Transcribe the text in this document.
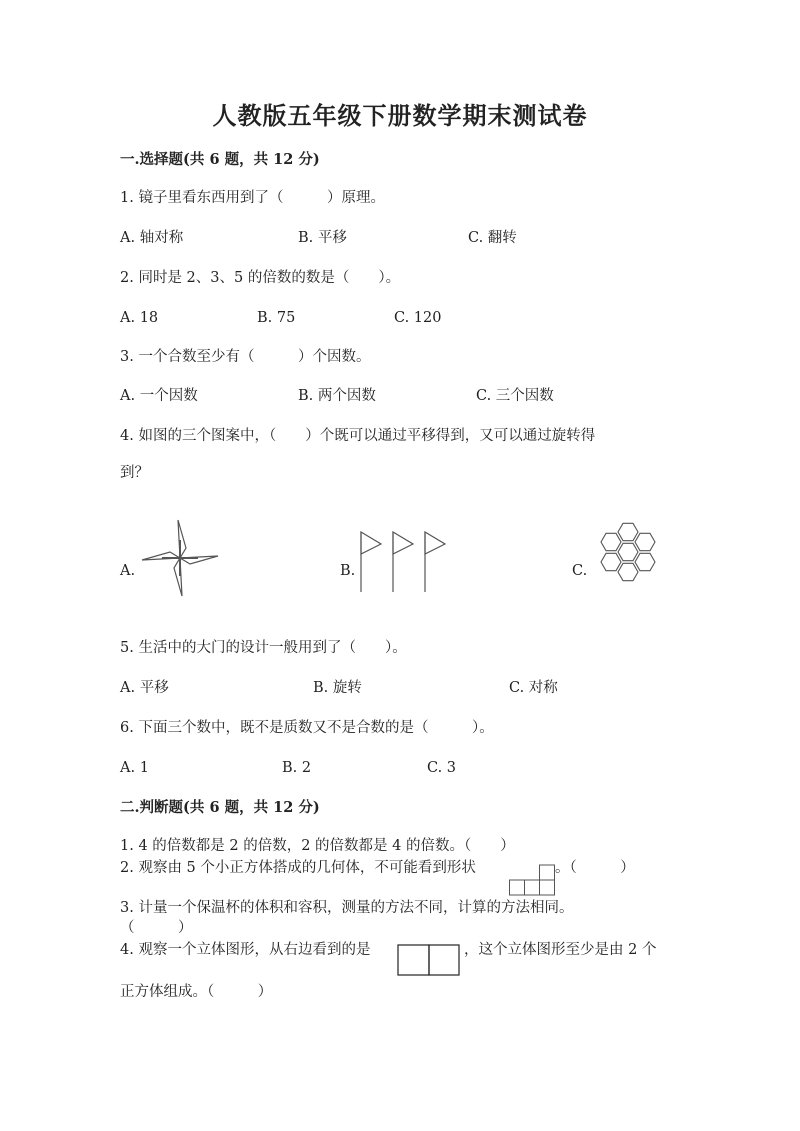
人教版五年级下册数学期末测试卷
一.选择题(共 6 题，共 12 分)
1. 镜子里看东西用到了（　　　）原理。
A. 轴对称	B. 平移	C. 翻转
2. 同时是 2、3、5 的倍数的数是（　　）。
A. 18	B. 75	C. 120
3. 一个合数至少有（　　　）个因数。
A. 一个因数	B. 两个因数	C. 三个因数
4. 如图的三个图案中，（　　）个既可以通过平移得到，又可以通过旋转得
到？
A.	B.	C.
5. 生活中的大门的设计一般用到了（　　）。
A. 平移	B. 旋转	C. 对称
6. 下面三个数中，既不是质数又不是合数的是（　　　）。
A. 1	B. 2	C. 3
二.判断题(共 6 题，共 12 分)
1. 4 的倍数都是 2 的倍数，2 的倍数都是 4 的倍数。（　　）
2. 观察由 5 个小正方体搭成的几何体，不可能看到形状	。（　　　）
3. 计量一个保温杯的体积和容积，测量的方法不同，计算的方法相同。
（　　　）
4. 观察一个立体图形，从右边看到的是	，这个立体图形至少是由 2 个
正方体组成。（　　　）
